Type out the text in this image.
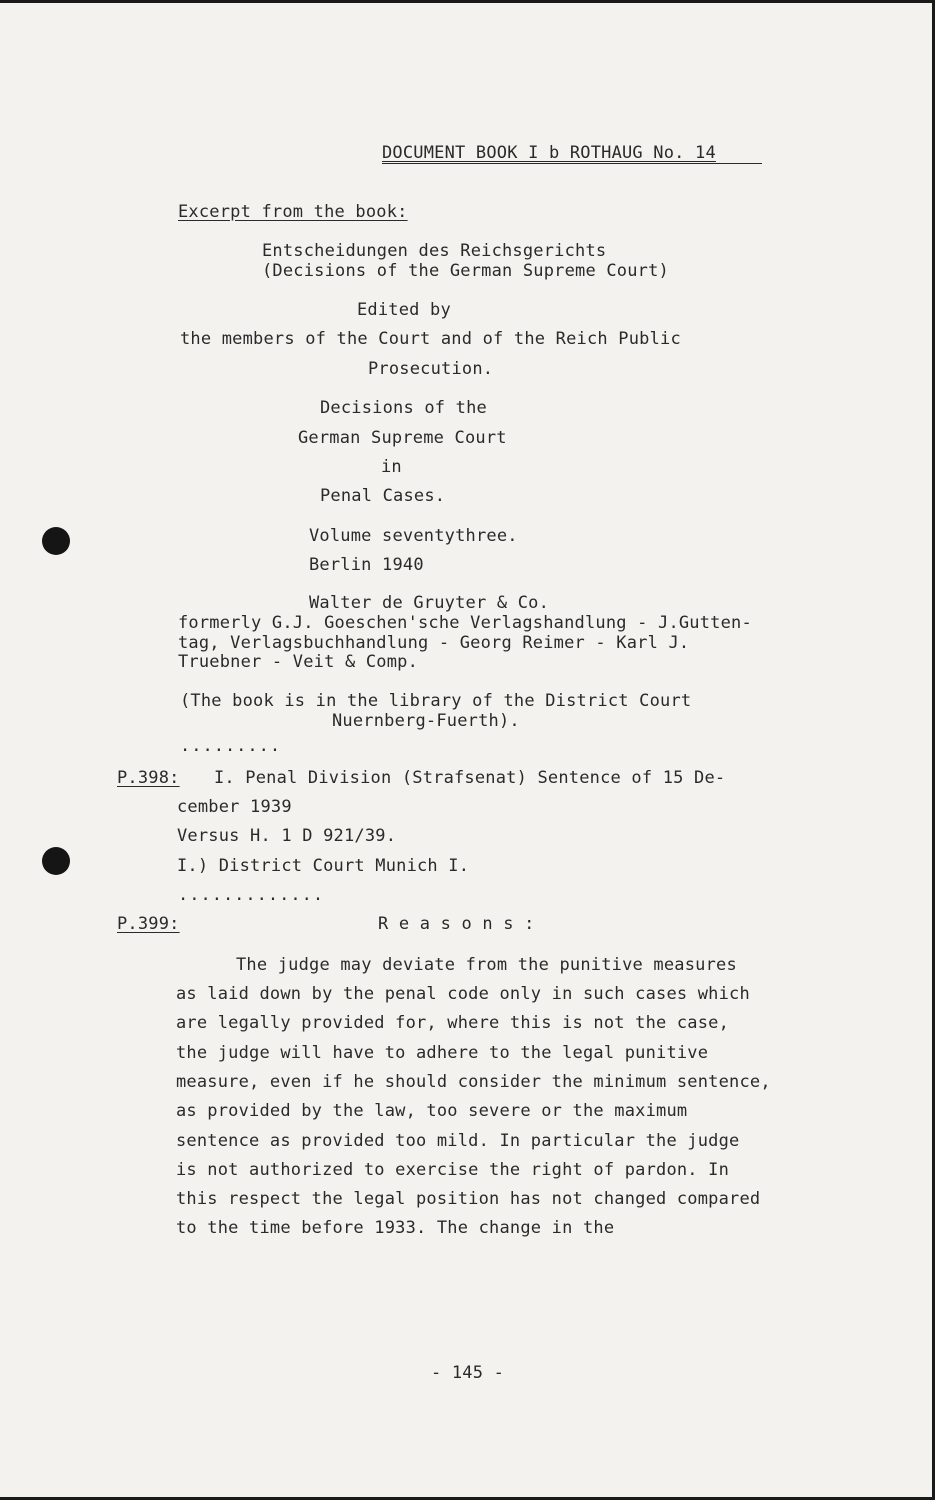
DOCUMENT BOOK I b ROTHAUG No. 14
Excerpt from the book:
Entscheidungen des Reichsgerichts
(Decisions of the German Supreme Court)
Edited by
the members of the Court and of the Reich Public
Prosecution.
Decisions of the
German Supreme Court
in
Penal Cases.
Volume seventythree.
Berlin 1940
Walter de Gruyter & Co.
formerly G.J. Goeschen'sche Verlagshandlung - J.Gutten-
tag, Verlagsbuchhandlung - Georg Reimer - Karl J.
Truebner - Veit & Comp.
(The book is in the library of the District Court
Nuernberg-Fuerth).
.........
P.398: I. Penal Division (Strafsenat) Sentence of 15 De-
cember 1939
Versus H. 1 D 921/39.
I.) District Court Munich I.
.............
P.399:	R e a s o n s :
The judge may deviate from the punitive measures
as laid down by the penal code only in such cases which
are legally provided for, where this is not the case,
the judge will have to adhere to the legal punitive
measure, even if he should consider the minimum sentence,
as provided by the law, too severe or the maximum
sentence as provided too mild. In particular the judge
is not authorized to exercise the right of pardon. In
this respect the legal position has not changed compared
to the time before 1933. The change in the
- 145 -
